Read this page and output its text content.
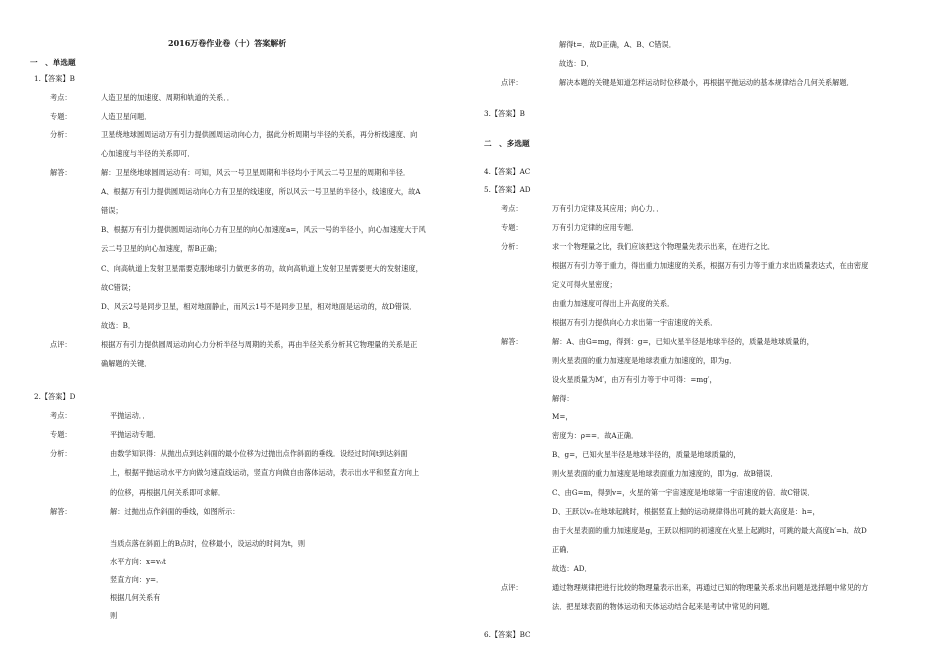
2016万卷作业卷（十）答案解析
一　、单选题
1.【答案】B
考点：	人造卫星的加速度、周期和轨道的关系．．
专题：	人造卫星问题．
分析：	卫星绕地球圆周运动万有引力提供圆周运动向心力，据此分析周期与半径的关系，再分析线速度、向
心加速度与半径的关系即可．
解答：	解：卫星绕地球圆周运动有：可知，风云一号卫星周期和半径均小于风云二号卫星的周期和半径．
A、根据万有引力提供圆周运动向心力有卫星的线速度，所以风云一号卫星的半径小，线速度大，故A
错误；
B、根据万有引力提供圆周运动向心力有卫星的向心加速度a=，风云一号的半径小，向心加速度大于风
云二号卫星的向心加速度，帮B正确；
C、向高轨道上发射卫星需要克服地球引力做更多的功，故向高轨道上发射卫星需要更大的发射速度，
故C错误；
D、风云2号是同步卫星，相对地面静止，而风云1号不是同步卫星，相对地面是运动的，故D错误．
故选：B．
点评：	根据万有引力提供圆周运动向心力分析半径与周期的关系，再由半径关系分析其它物理量的关系是正
确解题的关键．
2.【答案】D
考点：	平抛运动．．
专题：	平抛运动专题．
分析：	由数学知识得：从抛出点到达斜面的最小位移为过抛出点作斜面的垂线．设经过时间t到达斜面
上，根据平抛运动水平方向做匀速直线运动，竖直方向做自由落体运动，表示出水平和竖直方向上
的位移，再根据几何关系即可求解．
解答：	解：过抛出点作斜面的垂线，如图所示：
当质点落在斜面上的B点时，位移最小，设运动的时间为t，则
水平方向：x=v₀t
竖直方向：y=．
根据几何关系有
则
解得t=．故D正确，A、B、C错误．
故选：D．
点评：	解决本题的关键是知道怎样运动时位移最小，再根据平抛运动的基本规律结合几何关系解题．
3.【答案】B
二　、多选题
4.【答案】AC
5.【答案】AD
考点：	万有引力定律及其应用；向心力．．
专题：	万有引力定律的应用专题．
分析：	求一个物理量之比，我们应该把这个物理量先表示出来，在进行之比．
根据万有引力等于重力，得出重力加速度的关系，根据万有引力等于重力求出质量表达式，在由密度
定义可得火星密度；
由重力加速度可得出上升高度的关系．
根据万有引力提供向心力求出第一宇宙速度的关系．
解答：	解：A、由G=mg，得到：g=，已知火星半径是地球半径的，质量是地球质量的，
则火星表面的重力加速度是地球表重力加速度的，即为g．
设火星质量为M′，由万有引力等于中可得：=mg′，
解得：
M=，
密度为：ρ==．故A正确．
B、g=，已知火星半径是地球半径的，质量是地球质量的，
则火星表面的重力加速度是地球表面重力加速度的，即为g．故B错误．
C、由G=m，得到v=，火星的第一宇宙速度是地球第一宇宙速度的倍．故C错误．
D、王跃以v₀在地球起跳时，根据竖直上抛的运动规律得出可跳的最大高度是：h=，
由于火星表面的重力加速度是g，王跃以相同的初速度在火星上起跳时，可跳的最大高度h′=h．故D
正确．
故选：AD．
点评：	通过物理规律把进行比较的物理量表示出来，再通过已知的物理量关系求出问题是选择题中常见的方
法．把星球表面的物体运动和天体运动结合起来是考试中常见的问题．
6.【答案】BC
